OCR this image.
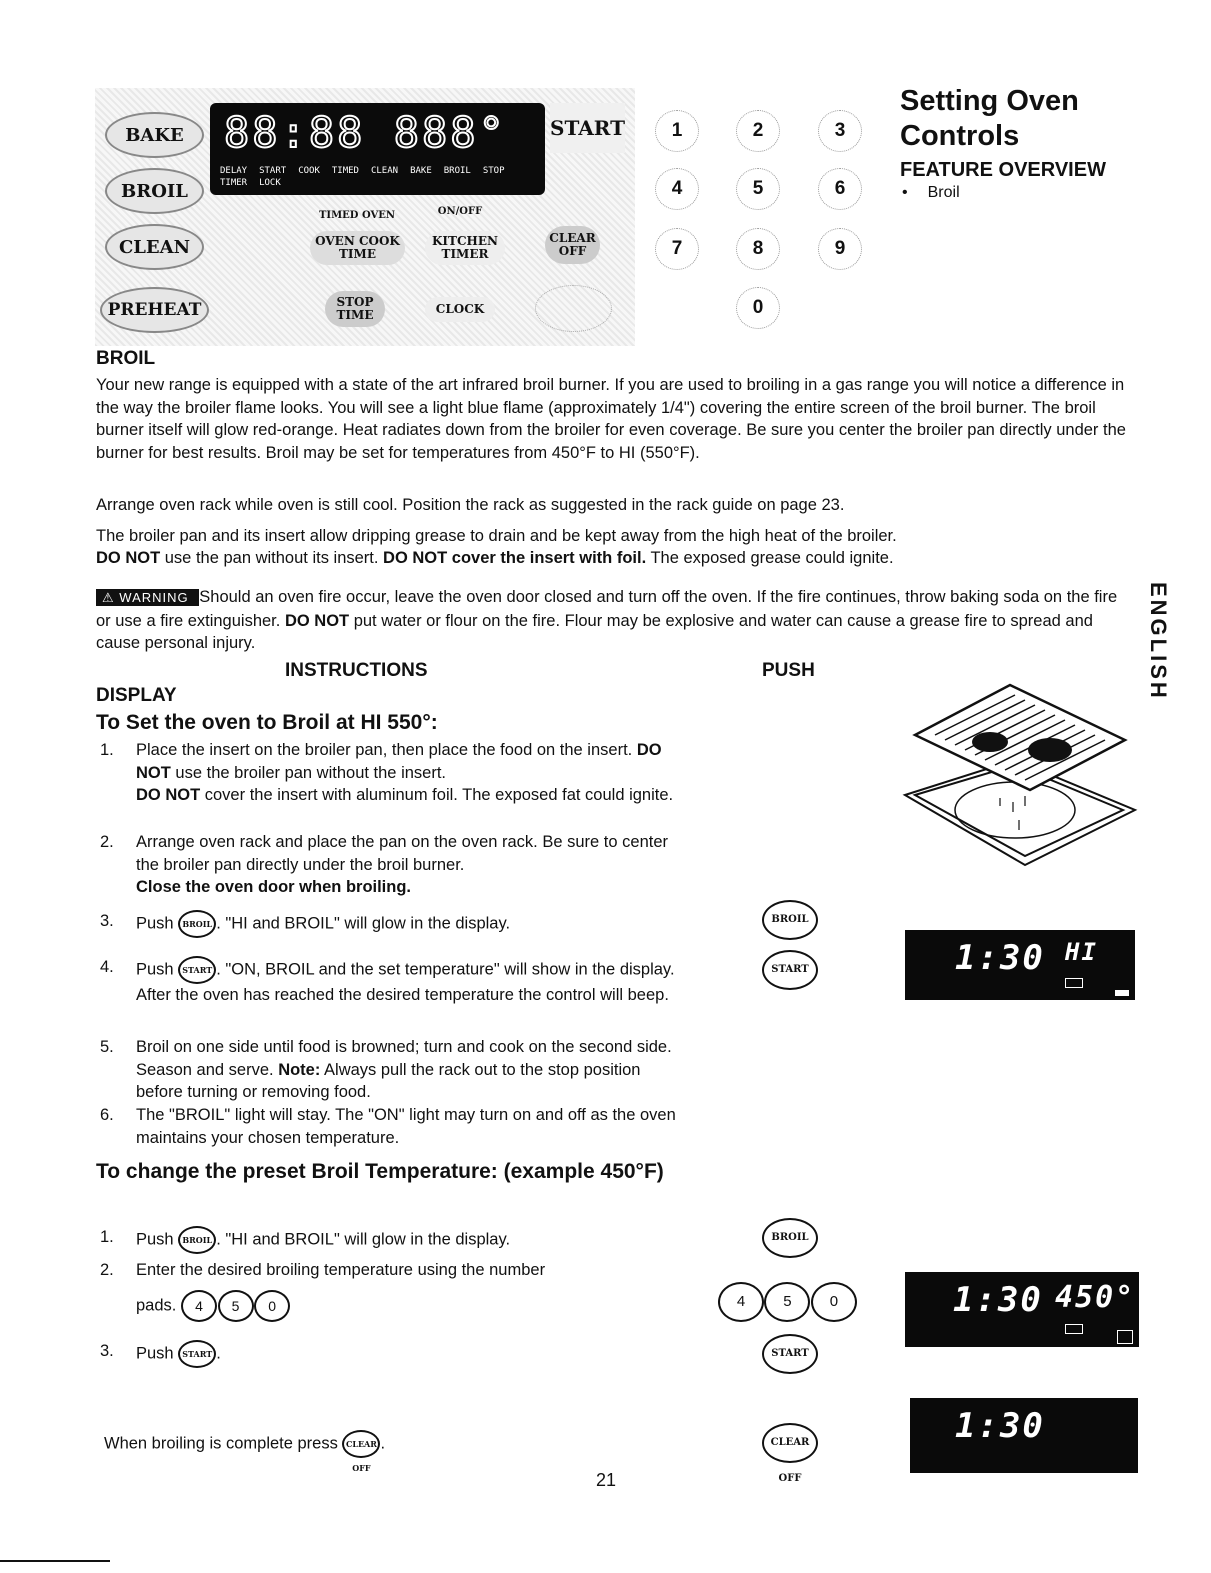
BAKE
BROIL
CLEAN
PREHEAT
88:88 888°
DELAY START COOK TIMED CLEAN BAKE BROIL STOP
TIMER LOCK
START
TIMED OVEN	ON/OFF
OVEN COOK TIME
KITCHEN TIMER
CLEAR OFF
STOP TIME	CLOCK
1	2	3
4	5	6
7	8	9
0
Setting Oven
Controls
FEATURE OVERVIEW
• Broil
BROIL
Your new range is equipped with a state of the art infrared broil burner. If you are used to broiling in a gas range you will notice a difference in the way the broiler flame looks. You will see a light blue flame (approximately 1/4") covering the entire screen of the broil burner. The broil burner itself will glow red-orange. Heat radiates down from the broiler for even coverage. Be sure you center the broiler pan directly under the burner for best results. Broil may be set for temperatures from 450°F to HI (550°F).
Arrange oven rack while oven is still cool. Position the rack as suggested in the rack guide on page 23.
The broiler pan and its insert allow dripping grease to drain and be kept away from the high heat of the broiler.
DO NOT use the pan without its insert. DO NOT cover the insert with foil. The exposed grease could ignite.
⚠ WARNING Should an oven fire occur, leave the oven door closed and turn off the oven. If the fire continues, throw baking soda on the fire or use a fire extinguisher. DO NOT put water or flour on the fire. Flour may be explosive and water can cause a grease fire to spread and cause personal injury.
INSTRUCTIONS	PUSH
DISPLAY
To Set the oven to Broil at HI 550°:
1.	Place the insert on the broiler pan, then place the food on the insert. DO NOT use the broiler pan without the insert.
DO NOT cover the insert with aluminum foil. The exposed fat could ignite.
2.	Arrange oven rack and place the pan on the oven rack. Be sure to center the broiler pan directly under the broil burner.
Close the oven door when broiling.
3.	Push BROIL . "HI and BROIL" will glow in the display.
4.	Push START . "ON, BROIL and the set temperature" will show in the display. After the oven has reached the desired temperature the control will beep.
5.	Broil on one side until food is browned; turn and cook on the second side. Season and serve. Note: Always pull the rack out to the stop position before turning or removing food.
6.	The "BROIL" light will stay. The "ON" light may turn on and off as the oven maintains your chosen temperature.
To change the preset Broil Temperature: (example 450°F)
1.	Push BROIL . "HI and BROIL" will glow in the display.
2.	Enter the desired broiling temperature using the number
pads. 4 5 0
3.	Push START .
When broiling is complete press CLEAR OFF.
BROIL
START
BROIL
4	5	0
START
CLEAR OFF
1:30 HI
1:30 450°
1:30
ENGLISH
21
